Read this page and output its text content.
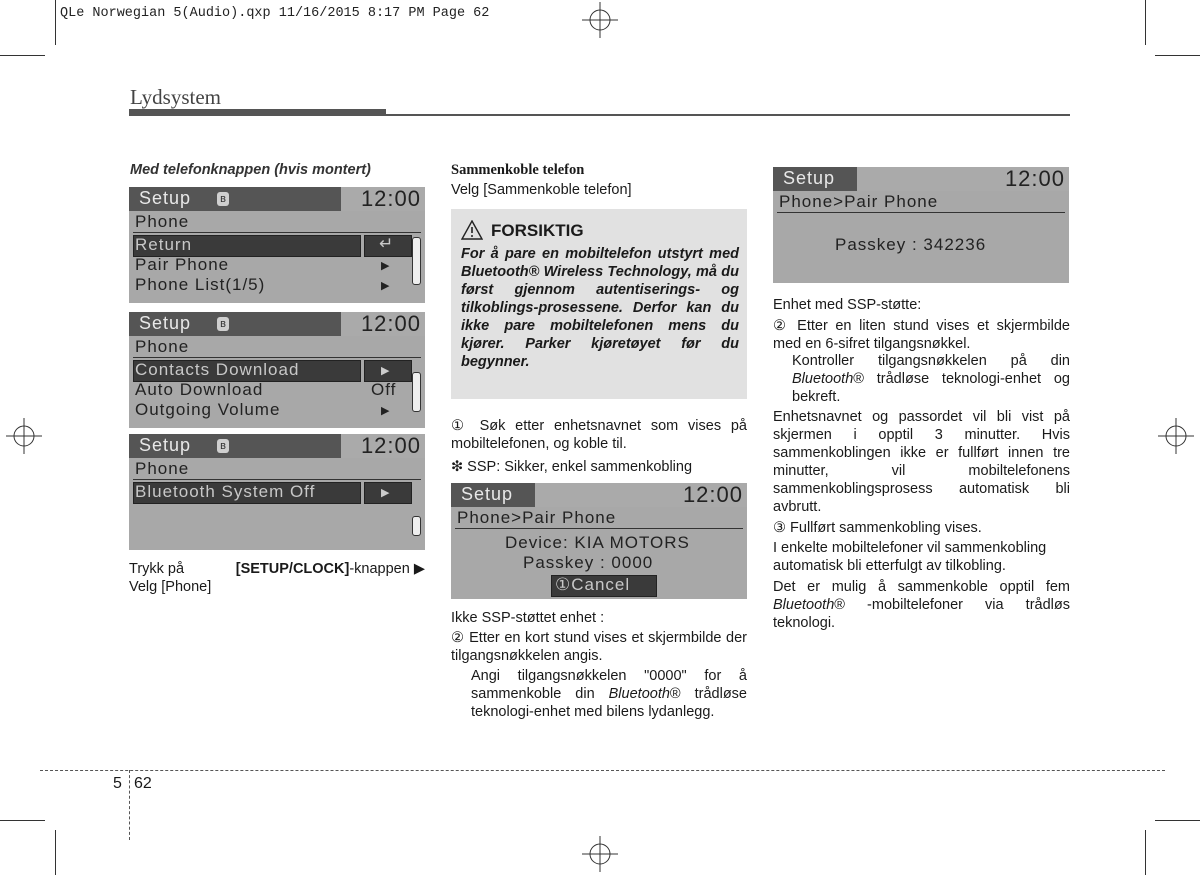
QLe Norwegian 5(Audio).qxp 11/16/2015 8:17 PM Page 62
Lydsystem
Med telefonknappen (hvis montert)
Setup	ʙ	12:00
Phone
Return	↵
Pair Phone	▶
Phone List(1/5)	▶
Setup	ʙ	12:00
Phone
Contacts Download	▶
Auto Download	Off
Outgoing Volume	▶
Setup	ʙ	12:00
Phone
Bluetooth System Off	▶
Trykk på	[SETUP/CLOCK]-knappen ▶
Velg [Phone]
Sammenkoble telefon
Velg [Sammenkoble telefon]
FORSIKTIG
For å pare en mobiltelefon utstyrt med Bluetooth® Wireless Technology, må du først gjennom autentiserings- og tilkoblings-prosessene. Derfor kan du ikke pare mobiltelefonen mens du kjører. Parker kjøretøyet før du begynner.
① Søk etter enhetsnavnet som vises på mobiltelefonen, og koble til.
❇ SSP: Sikker, enkel sammenkobling
Setup	12:00
Phone>Pair Phone
Device: KIA MOTORS
Passkey : 0000
①Cancel
Ikke SSP-støttet enhet :
② Etter en kort stund vises et skjermbilde der tilgangsnøkkelen angis.
Angi tilgangsnøkkelen "0000" for å sammenkoble din Bluetooth® trådløse teknologi-enhet med bilens lydanlegg.
Setup	12:00
Phone>Pair Phone
Passkey : 342236
Enhet med SSP-støtte:
② Etter en liten stund vises et skjermbilde med en 6-sifret tilgangsnøkkel.
Kontroller tilgangsnøkkelen på din Bluetooth® trådløse teknologi-enhet og bekreft.
Enhetsnavnet og passordet vil bli vist på skjermen i opptil 3 minutter. Hvis sammenkoblingen ikke er fullført innen tre minutter, vil mobiltelefonens sammenkoblingsprosess automatisk bli avbrutt.
③ Fullført sammenkobling vises.
I enkelte mobiltelefoner vil sammenkobling automatisk bli etterfulgt av tilkobling.
Det er mulig å sammenkoble opptil fem Bluetooth® -mobiltelefoner via trådløs teknologi.
5 62
